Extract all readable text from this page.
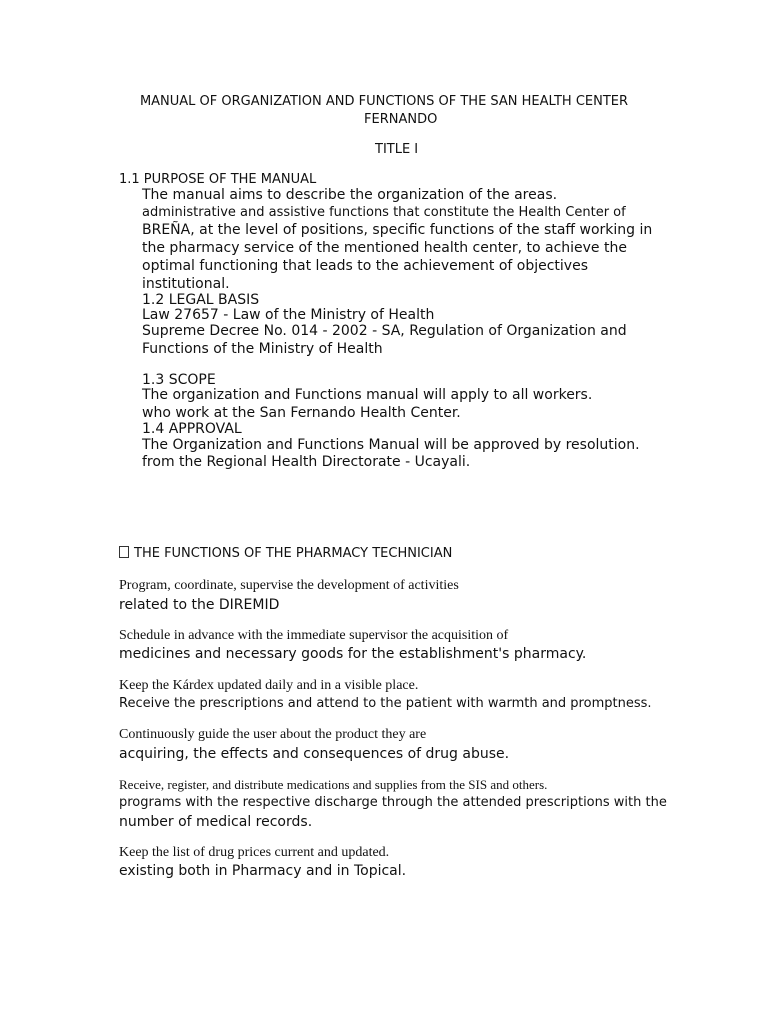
MANUAL OF ORGANIZATION AND FUNCTIONS OF THE SAN HEALTH CENTER
FERNANDO
TITLE I
1.1 PURPOSE OF THE MANUAL
The manual aims to describe the organization of the areas.
administrative and assistive functions that constitute the Health Center of
BREÑA, at the level of positions, specific functions of the staff working in
the pharmacy service of the mentioned health center, to achieve the
optimal functioning that leads to the achievement of objectives
institutional.
1.2 LEGAL BASIS
Law 27657 - Law of the Ministry of Health
Supreme Decree No. 014 - 2002 - SA, Regulation of Organization and
Functions of the Ministry of Health
1.3 SCOPE
The organization and Functions manual will apply to all workers.
who work at the San Fernando Health Center.
1.4 APPROVAL
The Organization and Functions Manual will be approved by resolution.
from the Regional Health Directorate - Ucayali.
THE FUNCTIONS OF THE PHARMACY TECHNICIAN
Program, coordinate, supervise the development of activities
related to the DIREMID
Schedule in advance with the immediate supervisor the acquisition of
medicines and necessary goods for the establishment's pharmacy.
Keep the Kárdex updated daily and in a visible place.
Receive the prescriptions and attend to the patient with warmth and promptness.
Continuously guide the user about the product they are
acquiring, the effects and consequences of drug abuse.
Receive, register, and distribute medications and supplies from the SIS and others.
programs with the respective discharge through the attended prescriptions with the
number of medical records.
Keep the list of drug prices current and updated.
existing both in Pharmacy and in Topical.
